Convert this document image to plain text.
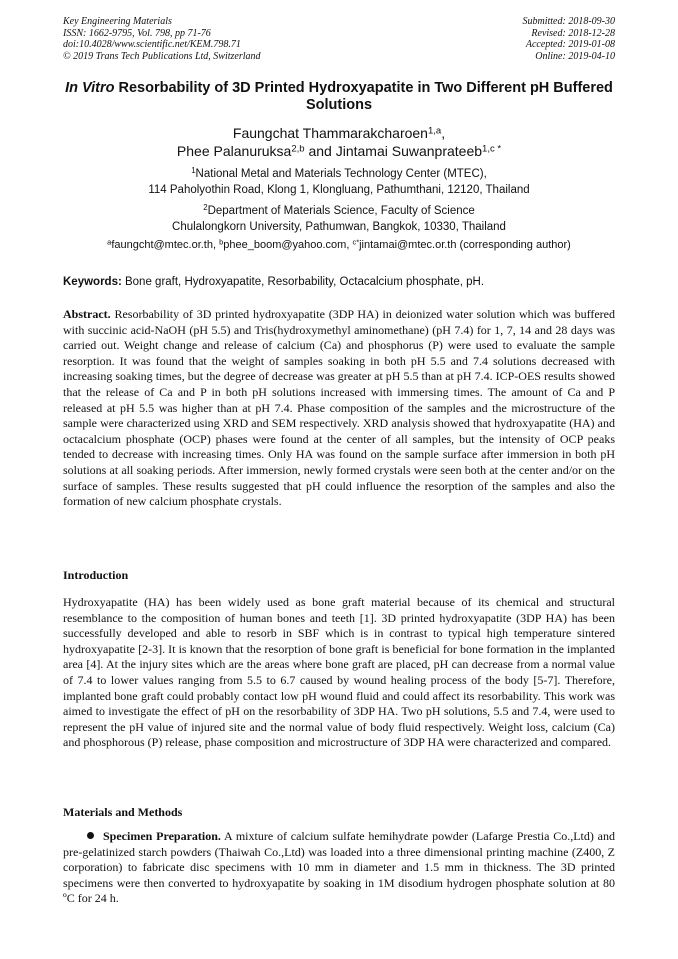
Key Engineering Materials
ISSN: 1662-9795, Vol. 798, pp 71-76
doi:10.4028/www.scientific.net/KEM.798.71
© 2019 Trans Tech Publications Ltd, Switzerland
Submitted: 2018-09-30
Revised: 2018-12-28
Accepted: 2019-01-08
Online: 2019-04-10
In Vitro Resorbability of 3D Printed Hydroxyapatite in Two Different pH Buffered Solutions
Faungchat Thammarakcharoen$^{1,a}$,
Phee Palanuruksa$^{2,b}$ and Jintamai Suwanprateeb$^{1,c *}$
$^1$National Metal and Materials Technology Center (MTEC),
114 Paholyothin Road, Klong 1, Klongluang, Pathumthani, 12120, Thailand
$^2$Department of Materials Science, Faculty of Science
Chulalongkorn University, Pathumwan, Bangkok, 10330, Thailand
$^a$faungcht@mtec.or.th, $^b$phee_boom@yahoo.com, $^{c*}$jintamai@mtec.or.th (corresponding author)
Keywords: Bone graft, Hydroxyapatite, Resorbability, Octacalcium phosphate, pH.

Abstract. Resorbability of 3D printed hydroxyapatite (3DP HA) in deionized water solution which was buffered with succinic acid-NaOH (pH 5.5) and Tris(hydroxymethyl aminomethane) (pH 7.4) for 1, 7, 14 and 28 days was carried out. Weight change and release of calcium (Ca) and phosphorus (P) were used to evaluate the sample resorption. It was found that the weight of samples soaking in both pH 5.5 and 7.4 solutions decreased with increasing soaking times, but the degree of decrease was greater at pH 5.5 than at pH 7.4. ICP-OES results showed that the release of Ca and P in both pH solutions increased with immersing times. The amount of Ca and P released at pH 5.5 was higher than at pH 7.4. Phase composition of the samples and the microstructure of the sample were characterized using XRD and SEM respectively. XRD analysis showed that hydroxyapatite (HA) and octacalcium phosphate (OCP) phases were found at the center of all samples, but the intensity of OCP peaks tended to decrease with increasing times. Only HA was found on the sample surface after immersion in both pH solutions at all soaking periods. After immersion, newly formed crystals were seen both at the center and/or on the surface of samples. These results suggested that pH could influence the resorption of the samples and also the formation of new calcium phosphate crystals.

Introduction

Hydroxyapatite (HA) has been widely used as bone graft material because of its chemical and structural resemblance to the composition of human bones and teeth [1]. 3D printed hydroxyapatite (3DP HA) has been successfully developed and able to resorb in SBF which is in contrast to typical high temperature sintered hydroxyapatite [2-3]. It is known that the resorption of bone graft is beneficial for bone formation in the implanted area [4]. At the injury sites which are the areas where bone graft are placed, pH can decrease from a normal value of 7.4 to lower values ranging from 5.5 to 6.7 caused by wound healing process of the body [5-7]. Therefore, implanted bone graft could probably contact low pH wound fluid and could affect its resorbability. This work was aimed to investigate the effect of pH on the resorbability of 3DP HA. Two pH solutions, 5.5 and 7.4, were used to represent the pH value of injured site and the normal value of body fluid respectively. Weight loss, calcium (Ca) and phosphorous (P) release, phase composition and microstructure of 3DP HA were characterized and compared.

Materials and Methods

Specimen Preparation. A mixture of calcium sulfate hemihydrate powder (Lafarge Prestia Co.,Ltd) and pre-gelatinized starch powders (Thaiwah Co.,Ltd) was loaded into a three dimensional printing machine (Z400, Z corporation) to fabricate disc specimens with 10 mm in diameter and 1.5 mm in thickness. The 3D printed specimens were then converted to hydroxyapatite by soaking in 1M disodium hydrogen phosphate solution at 80 ºC for 24 h.
